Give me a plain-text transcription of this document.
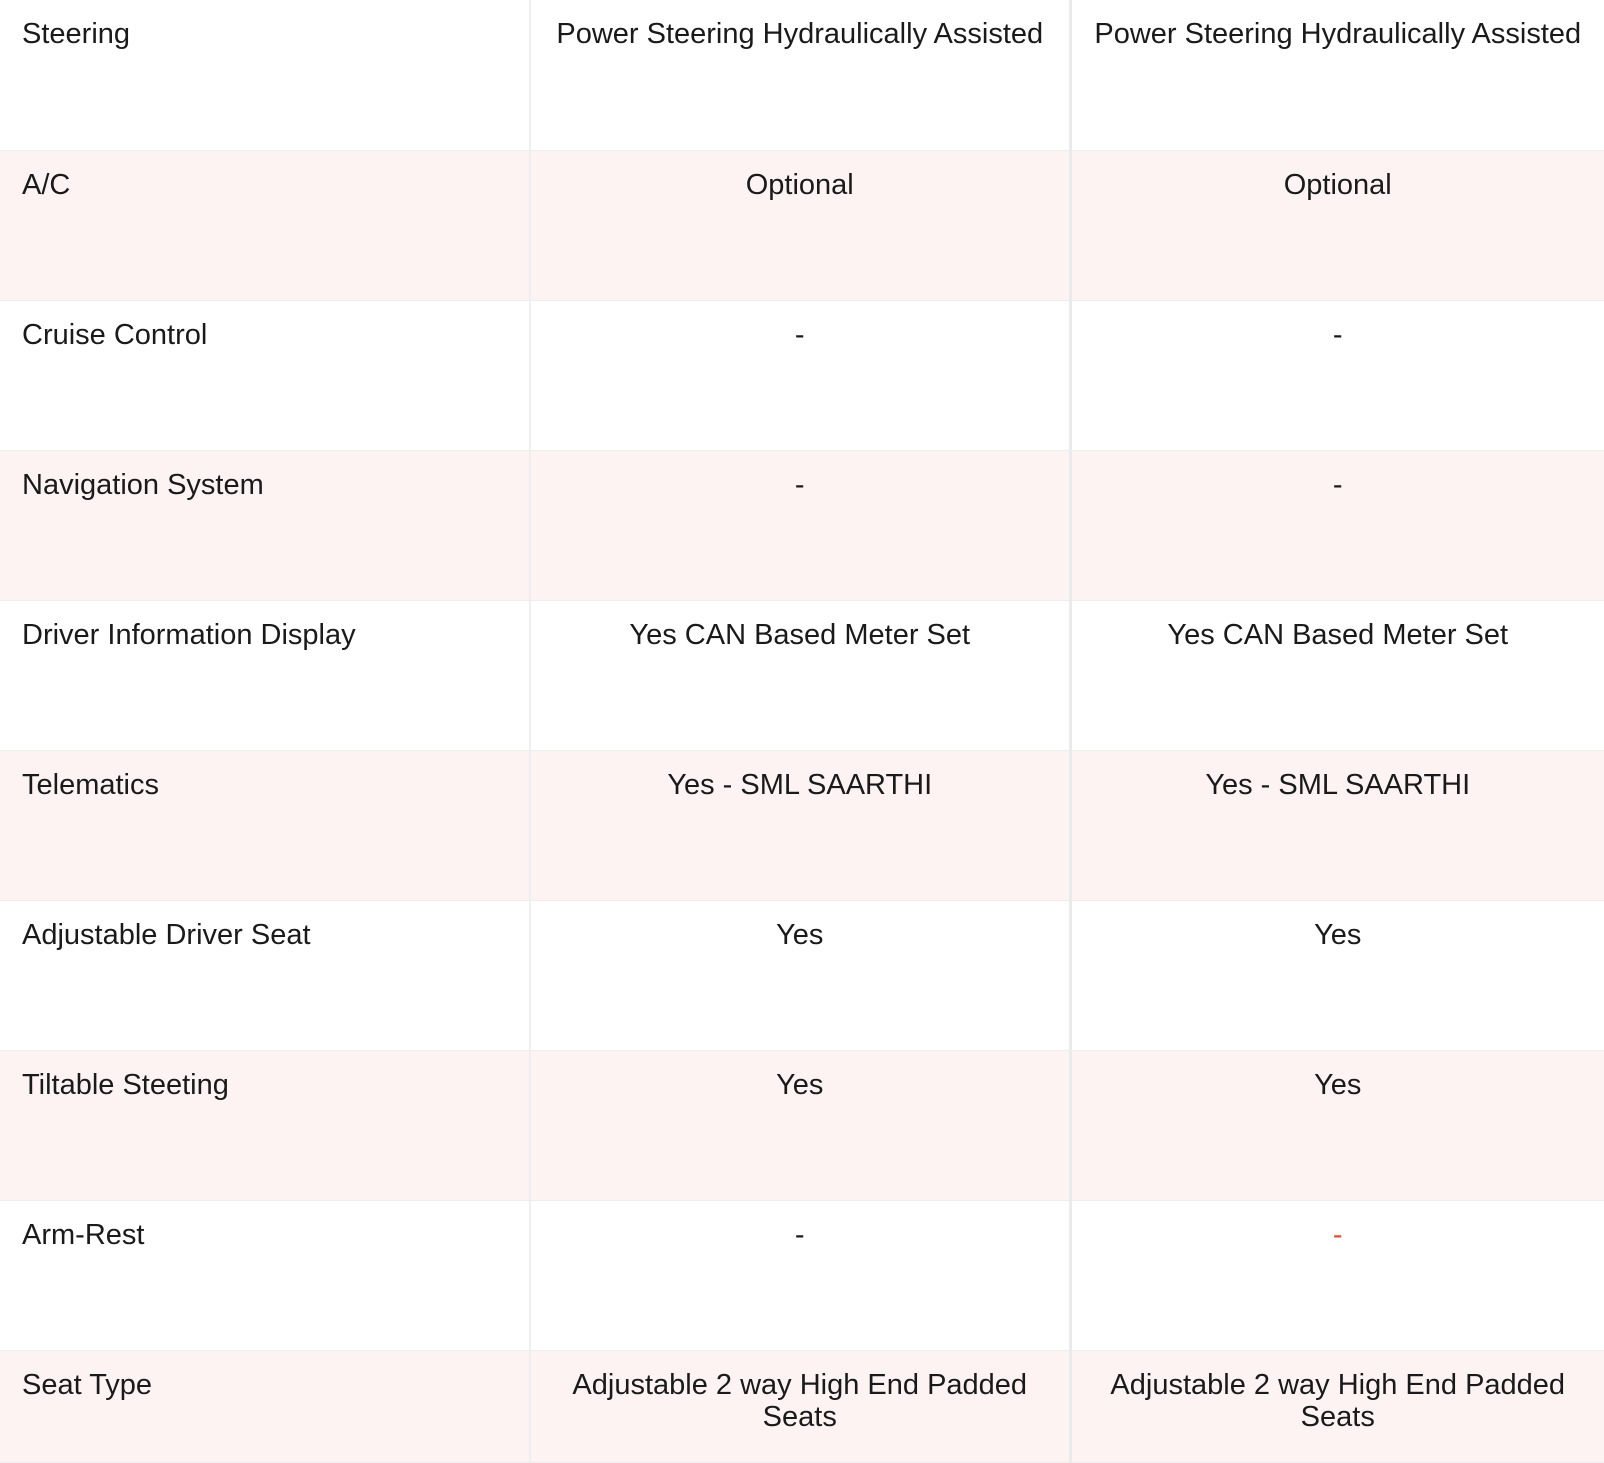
Steering	Power Steering Hydraulically Assisted	Power Steering Hydraulically Assisted
A/C	Optional	Optional
Cruise Control	-	-
Navigation System	-	-
Driver Information Display	Yes CAN Based Meter Set	Yes CAN Based Meter Set
Telematics	Yes - SML SAARTHI	Yes - SML SAARTHI
Adjustable Driver Seat	Yes	Yes
Tiltable Steeting	Yes	Yes
Arm-Rest	-	-
Seat Type	Adjustable 2 way High End Padded Seats	Adjustable 2 way High End Padded Seats
